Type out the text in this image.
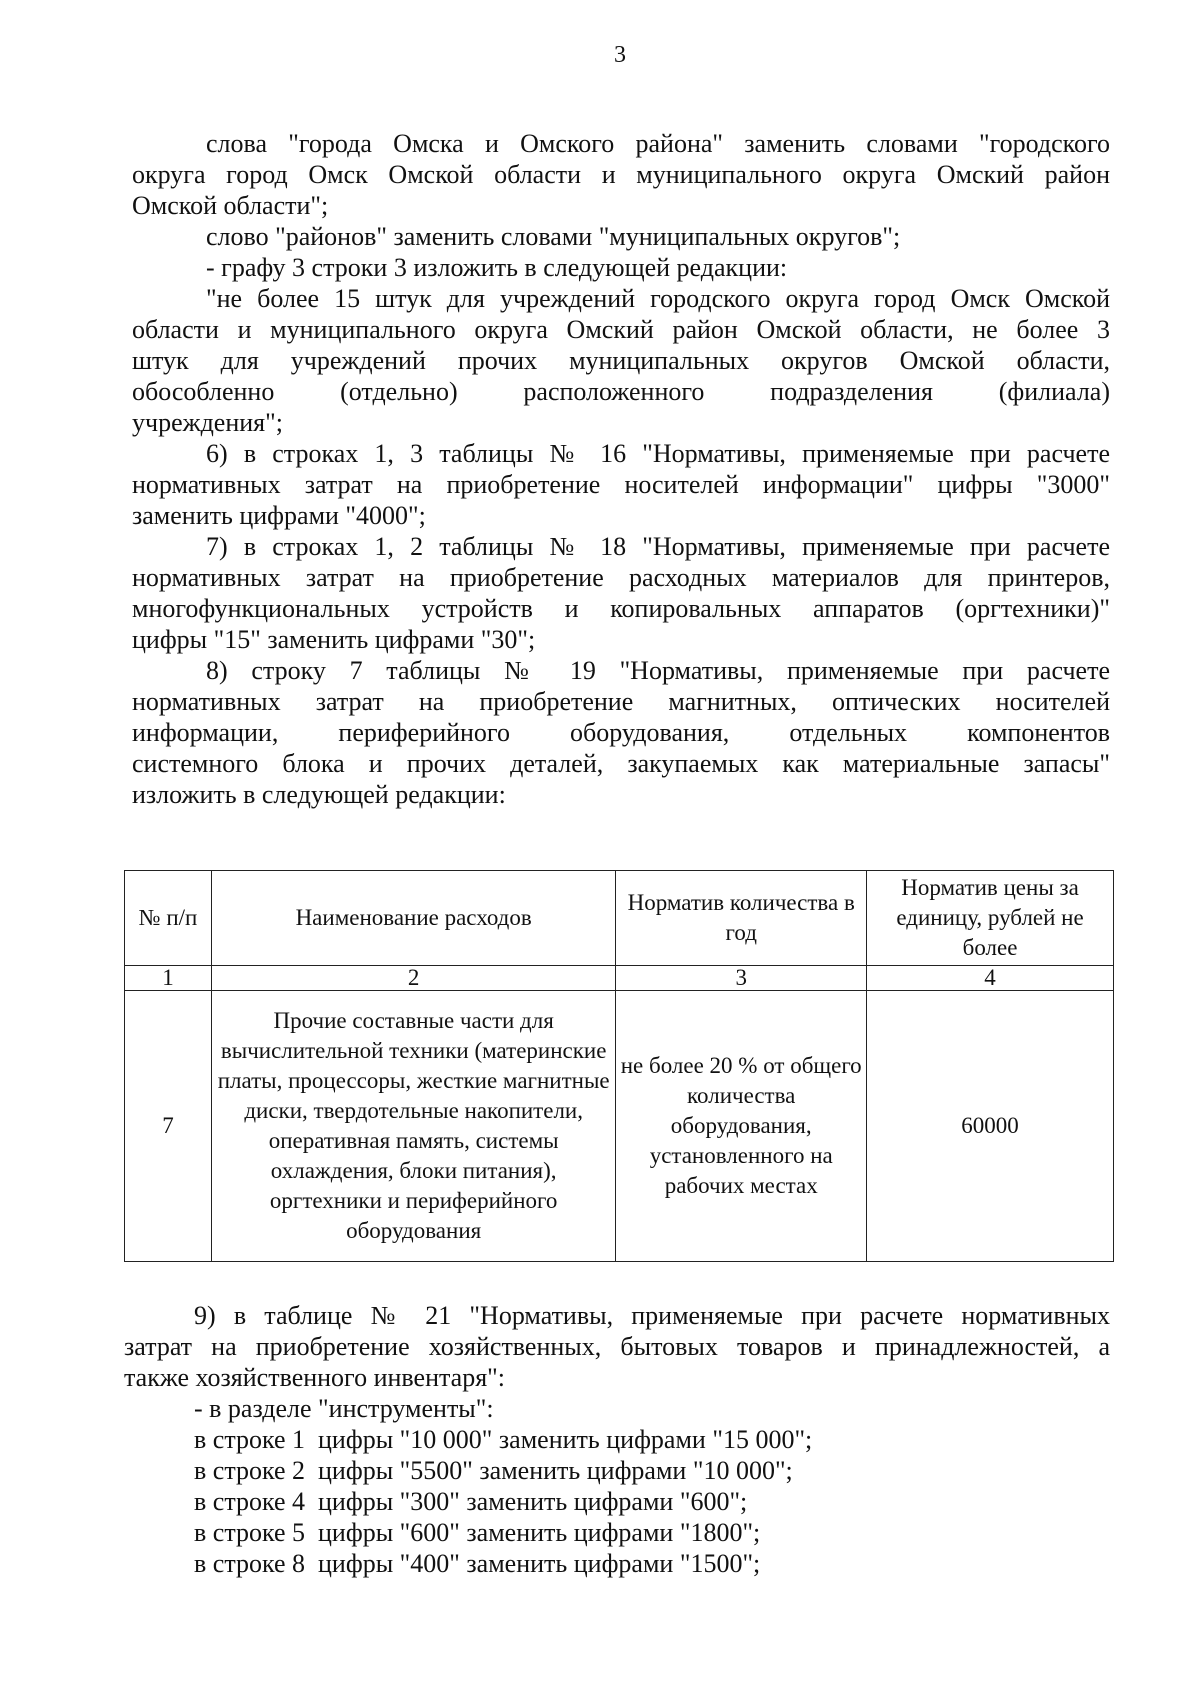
3

слова "города Омска и Омского района" заменить словами "городского
округа город Омск Омской области и муниципального округа Омский район
Омской области";

слово "районов" заменить словами "муниципальных округов";

- графу 3 строки 3 изложить в следующей редакции:

"не более 15 штук для учреждений городского округа город Омск Омской
области и муниципального округа Омский район Омской области, не более 3
штук для учреждений прочих муниципальных округов Омской области,
обособленно (отдельно) расположенного подразделения (филиала)
учреждения";

6) в строках 1, 3 таблицы № 16 "Нормативы, применяемые при расчете
нормативных затрат на приобретение носителей информации" цифры "3000"
заменить цифрами "4000";

7) в строках 1, 2 таблицы № 18 "Нормативы, применяемые при расчете
нормативных затрат на приобретение расходных материалов для принтеров,
многофункциональных устройств и копировальных аппаратов (оргтехники)"
цифры "15" заменить цифрами "30";

8) строку 7 таблицы № 19 "Нормативы, применяемые при расчете
нормативных затрат на приобретение магнитных, оптических носителей
информации, периферийного оборудования, отдельных компонентов
системного блока и прочих деталей, закупаемых как материальные запасы"
изложить в следующей редакции:

№ п/п	Наименование расходов	Норматив количества в год	Норматив цены за единицу, рублей не более
1	2	3	4
7	Прочие составные части для вычислительной техники (материнские платы, процессоры, жесткие магнитные диски, твердотельные накопители, оперативная память, системы охлаждения, блоки питания), оргтехники и периферийного оборудования	не более 20 % от общего количества оборудования, установленного на рабочих местах	60000

9) в таблице № 21 "Нормативы, применяемые при расчете нормативных
затрат на приобретение хозяйственных, бытовых товаров и принадлежностей, а
также хозяйственного инвентаря":

- в разделе "инструменты":
в строке 1  цифры "10 000" заменить цифрами "15 000";
в строке 2  цифры "5500" заменить цифрами "10 000";
в строке 4  цифры "300" заменить цифрами "600";
в строке 5  цифры "600" заменить цифрами "1800";
в строке 8  цифры "400" заменить цифрами "1500";
